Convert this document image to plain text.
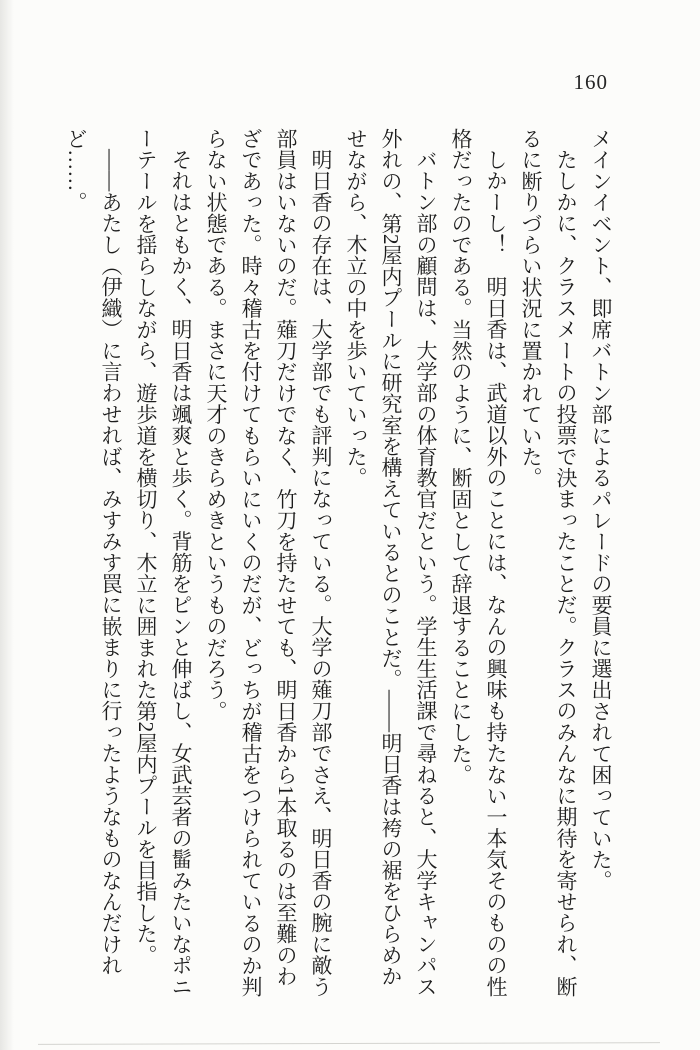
160

メインイベント、即席バトン部によるパレードの要員に選出されて困っていた。

たしかに、クラスメートの投票で決まったことだ。クラスのみんなに期待を寄せられ、断るに断りづらい状況に置かれていた。

しかーし！　明日香は、武道以外のことには、なんの興味も持たない一本気そのものの性格だったのである。当然のように、断固として辞退することにした。

バトン部の顧問は、大学部の体育教官だという。学生生活課で尋ねると、大学キャンパス外れの、第2屋内プールに研究室を構えているとのことだ。――明日香は袴の裾をひらめかせながら、木立の中を歩いていった。

明日香の存在は、大学部でも評判になっている。大学の薙刀部でさえ、明日香の腕に敵う部員はいないのだ。薙刀だけでなく、竹刀を持たせても、明日香から1本取るのは至難のわざであった。時々稽古を付けてもらいにいくのだが、どっちが稽古をつけられているのか判らない状態である。まさに天才のきらめきというものだろう。

それはともかく、明日香は颯爽と歩く。背筋をピンと伸ばし、女武芸者の髷みたいなポニーテールを揺らしながら、遊歩道を横切り、木立に囲まれた第2屋内プールを目指した。

――あたし（伊織）に言わせれば、みすみす罠に嵌まりに行ったようなものなんだけれど……。
